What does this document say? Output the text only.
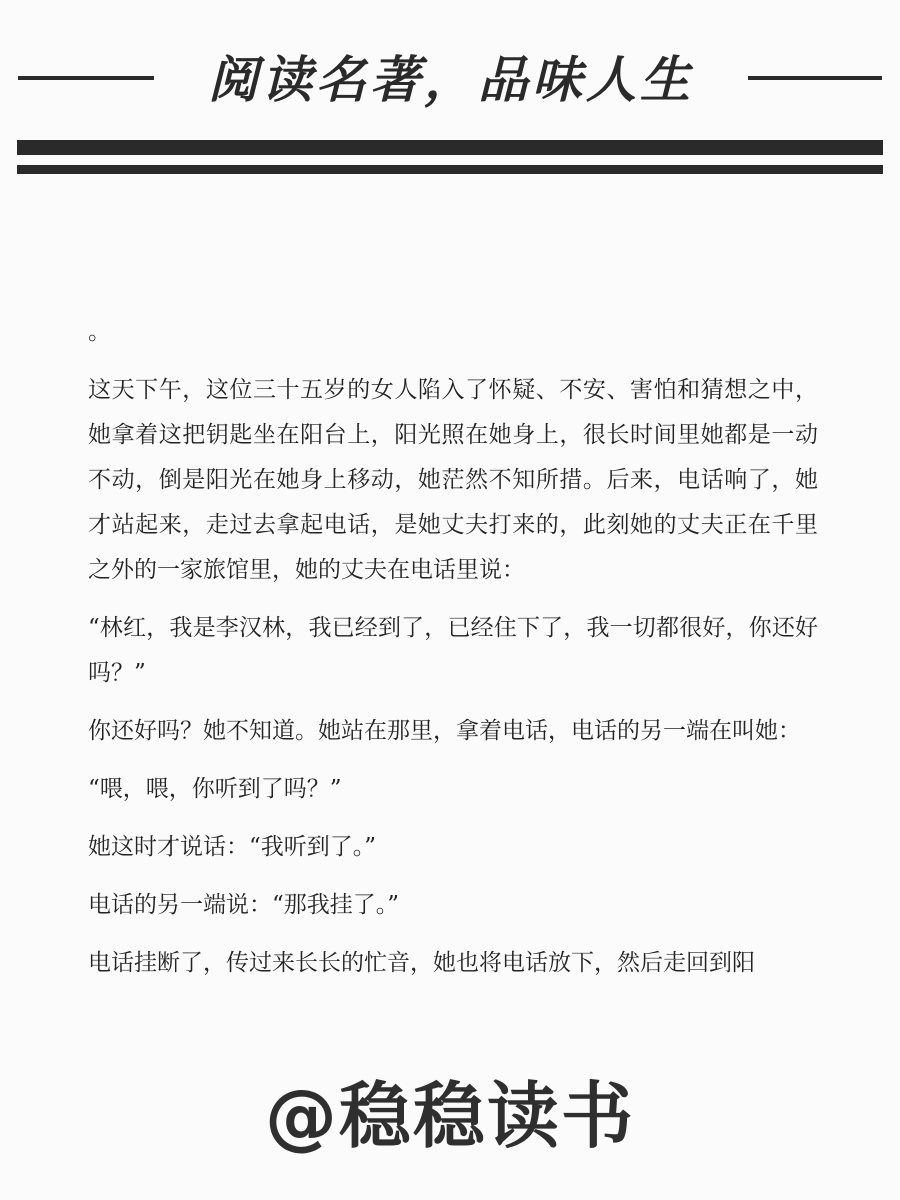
阅读名著，品味人生

。

这天下午，这位三十五岁的女人陷入了怀疑、不安、害怕和猜想之中，她拿着这把钥匙坐在阳台上，阳光照在她身上，很长时间里她都是一动不动，倒是阳光在她身上移动，她茫然不知所措。后来，电话响了，她才站起来，走过去拿起电话，是她丈夫打来的，此刻她的丈夫正在千里之外的一家旅馆里，她的丈夫在电话里说：

“林红，我是李汉林，我已经到了，已经住下了，我一切都很好，你还好吗？”

你还好吗？她不知道。她站在那里，拿着电话，电话的另一端在叫她：

“喂，喂，你听到了吗？”

她这时才说话：“我听到了。”

电话的另一端说：“那我挂了。”

电话挂断了，传过来长长的忙音，她也将电话放下，然后走回到阳

@稳稳读书
